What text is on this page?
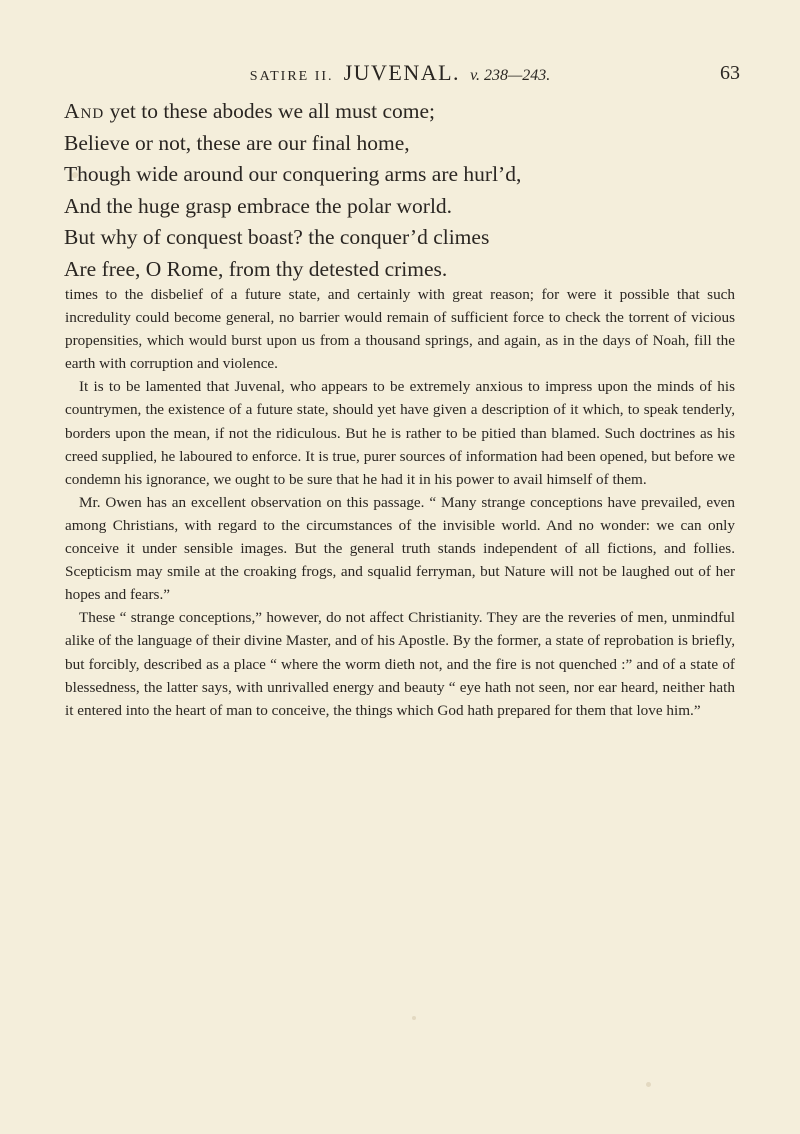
SATIRE II. JUVENAL. v. 238—243.	63
And yet to these abodes we all must come;
Believe or not, these are our final home,
Though wide around our conquering arms are hurl’d,
And the huge grasp embrace the polar world.
But why of conquest boast? the conquer’d climes
Are free, O Rome, from thy detested crimes.

times to the disbelief of a future state, and certainly with great reason; for were it possible that such incredulity could become general, no barrier would remain of sufficient force to check the torrent of vicious propensities, which would burst upon us from a thousand springs, and again, as in the days of Noah, fill the earth with corruption and violence.

It is to be lamented that Juvenal, who appears to be extremely anxious to impress upon the minds of his countrymen, the existence of a future state, should yet have given a description of it which, to speak tenderly, borders upon the mean, if not the ridiculous. But he is rather to be pitied than blamed. Such doctrines as his creed supplied, he laboured to enforce. It is true, purer sources of information had been opened, but before we condemn his ignorance, we ought to be sure that he had it in his power to avail himself of them.

Mr. Owen has an excellent observation on this passage. “ Many strange conceptions have prevailed, even among Christians, with regard to the circumstances of the invisible world. And no wonder: we can only conceive it under sensible images. But the general truth stands independent of all fictions, and follies. Scepticism may smile at the croaking frogs, and squalid ferryman, but Nature will not be laughed out of her hopes and fears.”

These “ strange conceptions,” however, do not affect Christianity. They are the reveries of men, unmindful alike of the language of their divine Master, and of his Apostle. By the former, a state of reprobation is briefly, but forcibly, described as a place “ where the worm dieth not, and the fire is not quenched :” and of a state of blessedness, the latter says, with unrivalled energy and beauty “ eye hath not seen, nor ear heard, neither hath it entered into the heart of man to conceive, the things which God hath prepared for them that love him.”
